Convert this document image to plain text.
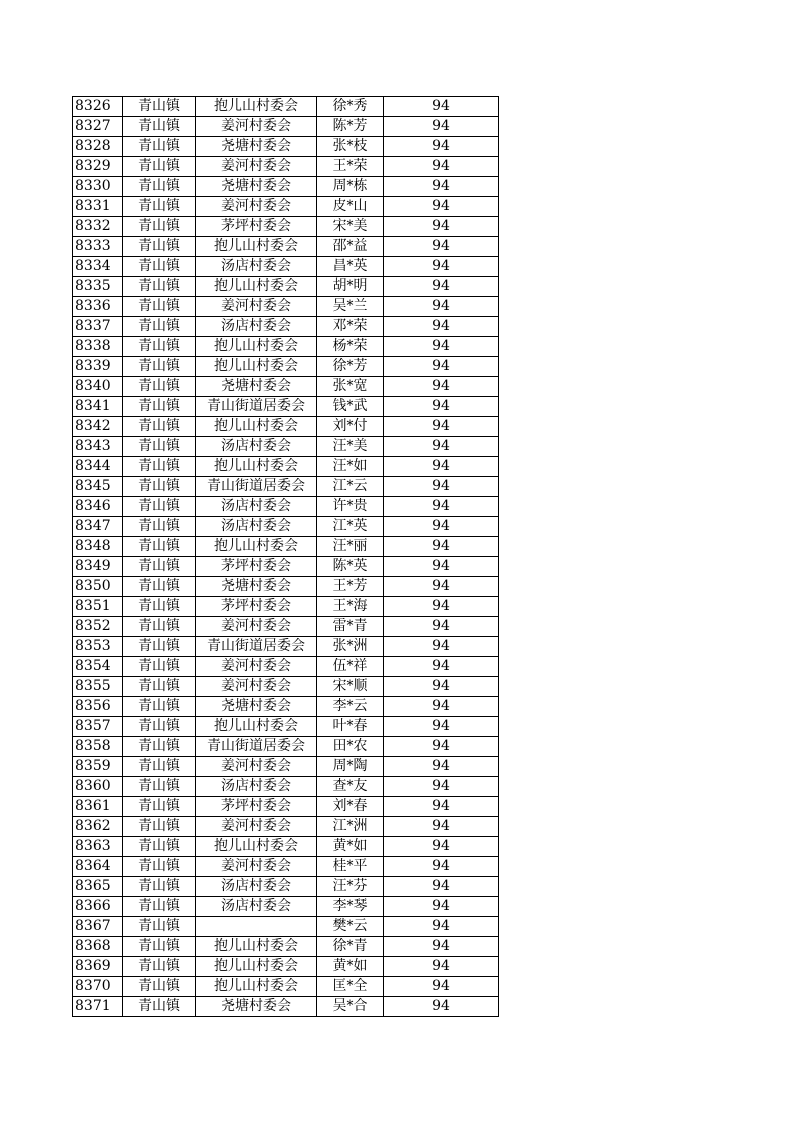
8326	青山镇	抱儿山村委会	徐*秀	94
8327	青山镇	姜河村委会	陈*芳	94
8328	青山镇	尧塘村委会	张*枝	94
8329	青山镇	姜河村委会	王*荣	94
8330	青山镇	尧塘村委会	周*栋	94
8331	青山镇	姜河村委会	皮*山	94
8332	青山镇	茅坪村委会	宋*美	94
8333	青山镇	抱儿山村委会	邵*益	94
8334	青山镇	汤店村委会	昌*英	94
8335	青山镇	抱儿山村委会	胡*明	94
8336	青山镇	姜河村委会	吴*兰	94
8337	青山镇	汤店村委会	邓*荣	94
8338	青山镇	抱儿山村委会	杨*荣	94
8339	青山镇	抱儿山村委会	徐*芳	94
8340	青山镇	尧塘村委会	张*宽	94
8341	青山镇	青山街道居委会	钱*武	94
8342	青山镇	抱儿山村委会	刘*付	94
8343	青山镇	汤店村委会	汪*美	94
8344	青山镇	抱儿山村委会	汪*如	94
8345	青山镇	青山街道居委会	江*云	94
8346	青山镇	汤店村委会	许*贵	94
8347	青山镇	汤店村委会	江*英	94
8348	青山镇	抱儿山村委会	汪*丽	94
8349	青山镇	茅坪村委会	陈*英	94
8350	青山镇	尧塘村委会	王*芳	94
8351	青山镇	茅坪村委会	王*海	94
8352	青山镇	姜河村委会	雷*青	94
8353	青山镇	青山街道居委会	张*洲	94
8354	青山镇	姜河村委会	伍*祥	94
8355	青山镇	姜河村委会	宋*顺	94
8356	青山镇	尧塘村委会	李*云	94
8357	青山镇	抱儿山村委会	叶*春	94
8358	青山镇	青山街道居委会	田*农	94
8359	青山镇	姜河村委会	周*陶	94
8360	青山镇	汤店村委会	查*友	94
8361	青山镇	茅坪村委会	刘*春	94
8362	青山镇	姜河村委会	江*洲	94
8363	青山镇	抱儿山村委会	黄*如	94
8364	青山镇	姜河村委会	桂*平	94
8365	青山镇	汤店村委会	汪*芬	94
8366	青山镇	汤店村委会	李*琴	94
8367	青山镇		樊*云	94
8368	青山镇	抱儿山村委会	徐*青	94
8369	青山镇	抱儿山村委会	黄*如	94
8370	青山镇	抱儿山村委会	匡*全	94
8371	青山镇	尧塘村委会	吴*合	94
